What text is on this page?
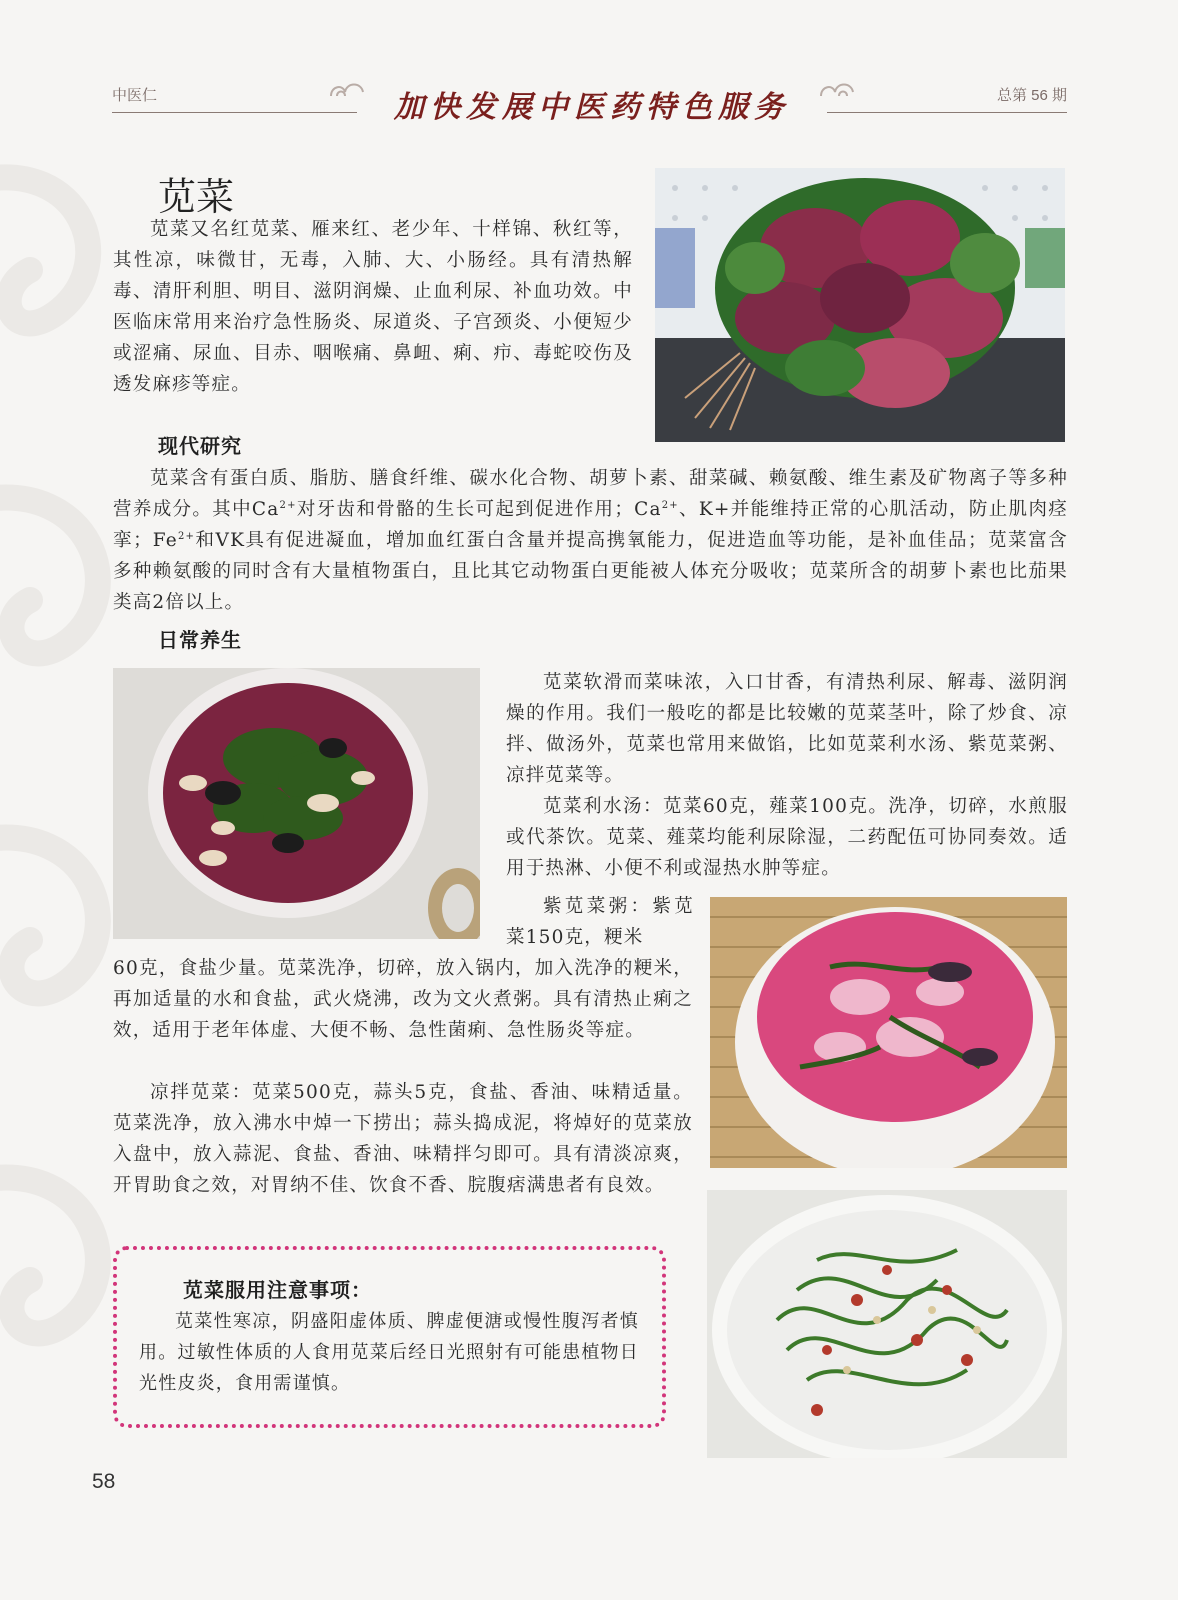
中医仁	总第 56 期
加快发展中医药特色服务
苋菜

苋菜又名红苋菜、雁来红、老少年、十样锦、秋红等，其性凉，味微甘，无毒，入肺、大、小肠经。具有清热解毒、清肝利胆、明目、滋阴润燥、止血利尿、补血功效。中医临床常用来治疗急性肠炎、尿道炎、子宫颈炎、小便短少或涩痛、尿血、目赤、咽喉痛、鼻衄、痢、疖、毒蛇咬伤及透发麻疹等症。

现代研究

苋菜含有蛋白质、脂肪、膳食纤维、碳水化合物、胡萝卜素、甜菜碱、赖氨酸、维生素及矿物离子等多种营养成分。其中$Ca^{2+}$对牙齿和骨骼的生长可起到促进作用；$Ca^{2+}$、K+并能维持正常的心肌活动，防止肌肉痉挛；$Fe^{2+}$和VK具有促进凝血，增加血红蛋白含量并提高携氧能力，促进造血等功能，是补血佳品；苋菜富含多种赖氨酸的同时含有大量植物蛋白，且比其它动物蛋白更能被人体充分吸收；苋菜所含的胡萝卜素也比茄果类高2倍以上。

日常养生

苋菜软滑而菜味浓，入口甘香，有清热利尿、解毒、滋阴润燥的作用。我们一般吃的都是比较嫩的苋菜茎叶，除了炒食、凉拌、做汤外，苋菜也常用来做馅，比如苋菜利水汤、紫苋菜粥、凉拌苋菜等。

苋菜利水汤：苋菜60克，薤菜100克。洗净，切碎，水煎服或代茶饮。苋菜、薤菜均能利尿除湿，二药配伍可协同奏效。适用于热淋、小便不利或湿热水肿等症。

紫苋菜粥：紫苋菜150克，粳米

60克，食盐少量。苋菜洗净，切碎，放入锅内，加入洗净的粳米，再加适量的水和食盐，武火烧沸，改为文火煮粥。具有清热止痢之效，适用于老年体虚、大便不畅、急性菌痢、急性肠炎等症。

凉拌苋菜：苋菜500克，蒜头5克，食盐、香油、味精适量。苋菜洗净，放入沸水中焯一下捞出；蒜头捣成泥，将焯好的苋菜放入盘中，放入蒜泥、食盐、香油、味精拌匀即可。具有清淡凉爽，开胃助食之效，对胃纳不佳、饮食不香、脘腹痞满患者有良效。

苋菜服用注意事项：

苋菜性寒凉，阴盛阳虚体质、脾虚便溏或慢性腹泻者慎用。过敏性体质的人食用苋菜后经日光照射有可能患植物日光性皮炎，食用需谨慎。

58
